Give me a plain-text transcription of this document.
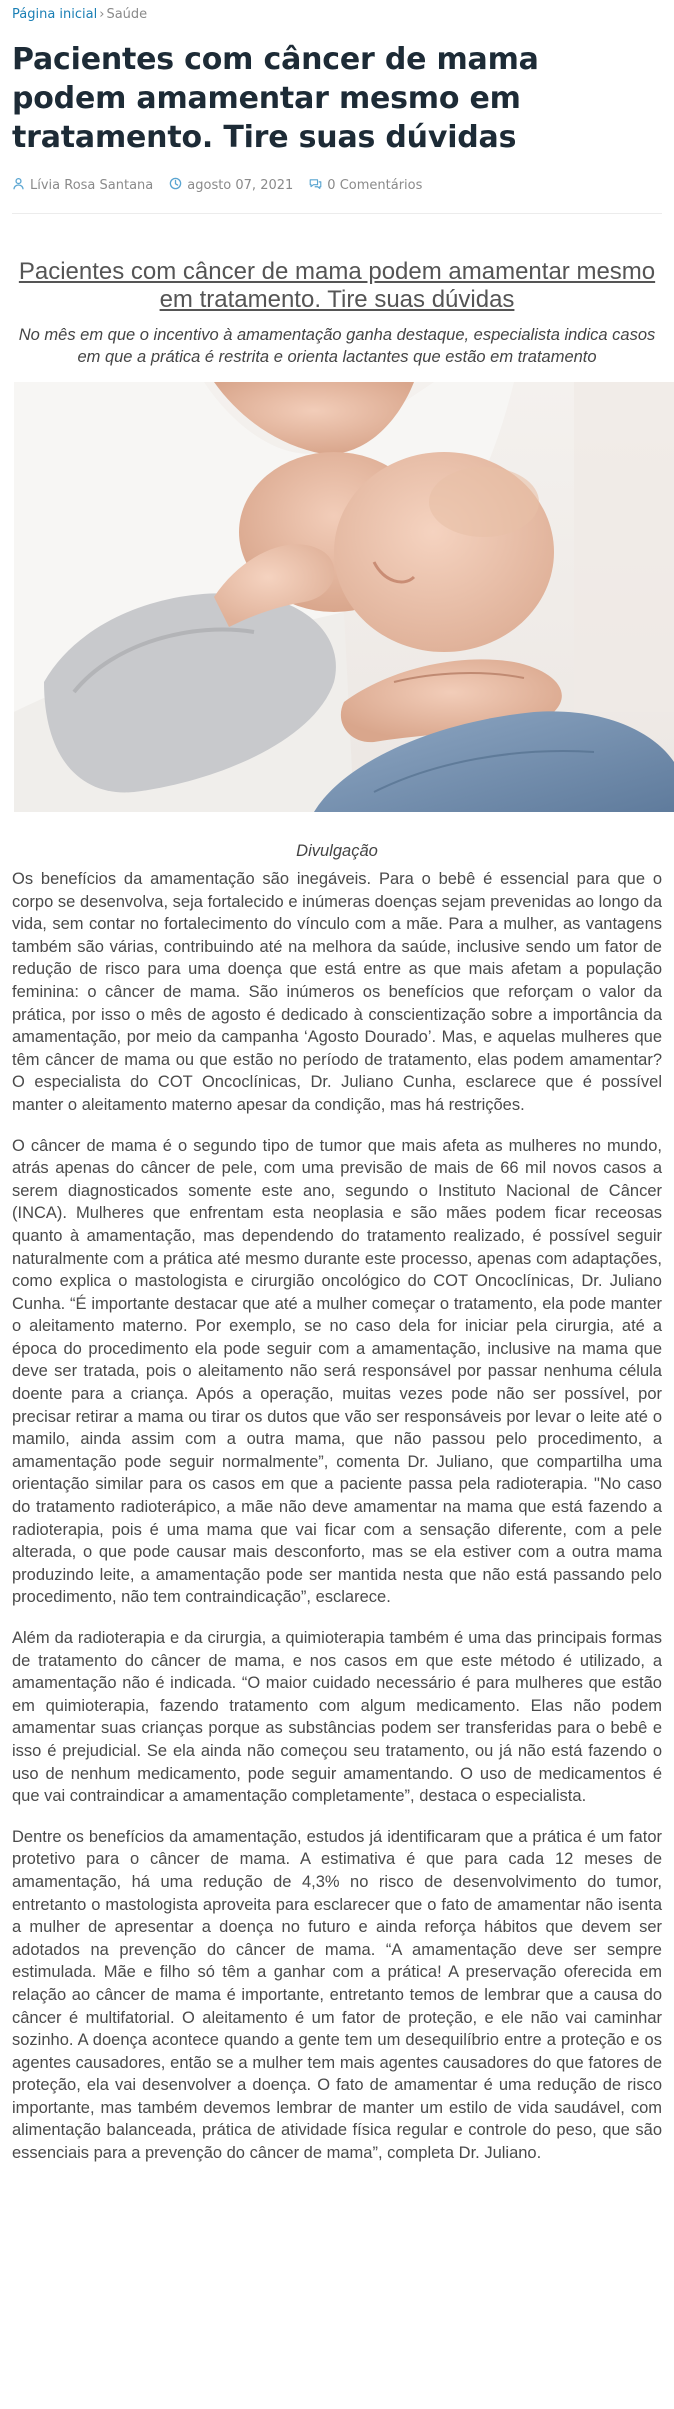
Página inicial › Saúde
Pacientes com câncer de mama podem amamentar mesmo em tratamento. Tire suas dúvidas
Lívia Rosa Santana	agosto 07, 2021	0 Comentários
Pacientes com câncer de mama podem amamentar mesmo em tratamento. Tire suas dúvidas

No mês em que o incentivo à amamentação ganha destaque, especialista indica casos em que a prática é restrita e orienta lactantes que estão em tratamento

Divulgação

Os benefícios da amamentação são inegáveis. Para o bebê é essencial para que o corpo se desenvolva, seja fortalecido e inúmeras doenças sejam prevenidas ao longo da vida, sem contar no fortalecimento do vínculo com a mãe. Para a mulher, as vantagens também são várias, contribuindo até na melhora da saúde, inclusive sendo um fator de redução de risco para uma doença que está entre as que mais afetam a população feminina: o câncer de mama. São inúmeros os benefícios que reforçam o valor da prática, por isso o mês de agosto é dedicado à conscientização sobre a importância da amamentação, por meio da campanha ‘Agosto Dourado’. Mas, e aquelas mulheres que têm câncer de mama ou que estão no período de tratamento, elas podem amamentar? O especialista do COT Oncoclínicas, Dr. Juliano Cunha, esclarece que é possível manter o aleitamento materno apesar da condição, mas há restrições.

O câncer de mama é o segundo tipo de tumor que mais afeta as mulheres no mundo, atrás apenas do câncer de pele, com uma previsão de mais de 66 mil novos casos a serem diagnosticados somente este ano, segundo o Instituto Nacional de Câncer (INCA). Mulheres que enfrentam esta neoplasia e são mães podem ficar receosas quanto à amamentação, mas dependendo do tratamento realizado, é possível seguir naturalmente com a prática até mesmo durante este processo, apenas com adaptações, como explica o mastologista e cirurgião oncológico do COT Oncoclínicas, Dr. Juliano Cunha. “É importante destacar que até a mulher começar o tratamento, ela pode manter o aleitamento materno. Por exemplo, se no caso dela for iniciar pela cirurgia, até a época do procedimento ela pode seguir com a amamentação, inclusive na mama que deve ser tratada, pois o aleitamento não será responsável por passar nenhuma célula doente para a criança. Após a operação, muitas vezes pode não ser possível, por precisar retirar a mama ou tirar os dutos que vão ser responsáveis por levar o leite até o mamilo, ainda assim com a outra mama, que não passou pelo procedimento, a amamentação pode seguir normalmente”, comenta Dr. Juliano, que compartilha uma orientação similar para os casos em que a paciente passa pela radioterapia. "No caso do tratamento radioterápico, a mãe não deve amamentar na mama que está fazendo a radioterapia, pois é uma mama que vai ficar com a sensação diferente, com a pele alterada, o que pode causar mais desconforto, mas se ela estiver com a outra mama produzindo leite, a amamentação pode ser mantida nesta que não está passando pelo procedimento, não tem contraindicação”, esclarece.

Além da radioterapia e da cirurgia, a quimioterapia também é uma das principais formas de tratamento do câncer de mama, e nos casos em que este método é utilizado, a amamentação não é indicada. “O maior cuidado necessário é para mulheres que estão em quimioterapia, fazendo tratamento com algum medicamento. Elas não podem amamentar suas crianças porque as substâncias podem ser transferidas para o bebê e isso é prejudicial. Se ela ainda não começou seu tratamento, ou já não está fazendo o uso de nenhum medicamento, pode seguir amamentando. O uso de medicamentos é que vai contraindicar a amamentação completamente”, destaca o especialista.

Dentre os benefícios da amamentação, estudos já identificaram que a prática é um fator protetivo para o câncer de mama. A estimativa é que para cada 12 meses de amamentação, há uma redução de 4,3% no risco de desenvolvimento do tumor, entretanto o mastologista aproveita para esclarecer que o fato de amamentar não isenta a mulher de apresentar a doença no futuro e ainda reforça hábitos que devem ser adotados na prevenção do câncer de mama. “A amamentação deve ser sempre estimulada. Mãe e filho só têm a ganhar com a prática! A preservação oferecida em relação ao câncer de mama é importante, entretanto temos de lembrar que a causa do câncer é multifatorial. O aleitamento é um fator de proteção, e ele não vai caminhar sozinho. A doença acontece quando a gente tem um desequilíbrio entre a proteção e os agentes causadores, então se a mulher tem mais agentes causadores do que fatores de proteção, ela vai desenvolver a doença. O fato de amamentar é uma redução de risco importante, mas também devemos lembrar de manter um estilo de vida saudável, com alimentação balanceada, prática de atividade física regular e controle do peso, que são essenciais para a prevenção do câncer de mama”, completa Dr. Juliano.
